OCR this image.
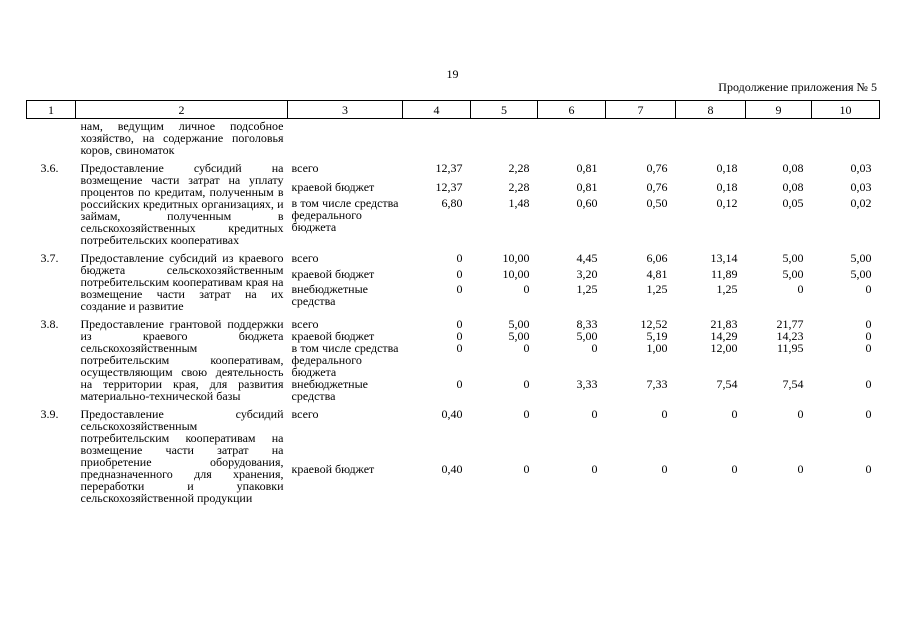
19
Продолжение приложения № 5
1	2	3	4	5	6	7	8	9	10
	нам, ведущим личное подсобное хозяйство, на содержание поголовья коров, свиноматок								
3.6.	Предоставление субсидий на возмещение части затрат на уплату процентов по кредитам, полученным в российских кредитных организациях, и займам, полученным в сельскохозяйственных кредитных потребительских кооперативах	всего	12,37	2,28	0,81	0,76	0,18	0,08	0,03
		краевой бюджет	12,37	2,28	0,81	0,76	0,18	0,08	0,03
		в том числе средства федерального бюджета	6,80	1,48	0,60	0,50	0,12	0,05	0,02
3.7.	Предоставление субсидий из краевого бюджета сельскохозяйственным потребительским кооперативам края на возмещение части затрат на их создание и развитие	всего	0	10,00	4,45	6,06	13,14	5,00	5,00
		краевой бюджет	0	10,00	3,20	4,81	11,89	5,00	5,00
		внебюджетные средства	0	0	1,25	1,25	1,25	0	0
3.8.	Предоставление грантовой поддержки из краевого бюджета сельскохозяйственным потребительским кооперативам, осуществляющим свою деятельность на территории края, для развития материально-технической базы	всего	0	5,00	8,33	12,52	21,83	21,77	0
		краевой бюджет	0	5,00	5,00	5,19	14,29	14,23	0
		в том числе средства федерального бюджета	0	0	0	1,00	12,00	11,95	0
		внебюджетные средства	0	0	3,33	7,33	7,54	7,54	0
3.9.	Предоставление субсидий сельскохозяйственным потребительским кооперативам на возмещение части затрат на приобретение оборудования, предназначенного для хранения, переработки и упаковки сельскохозяйственной продукции	всего	0,40	0	0	0	0	0	0
		краевой бюджет	0,40	0	0	0	0	0	0
